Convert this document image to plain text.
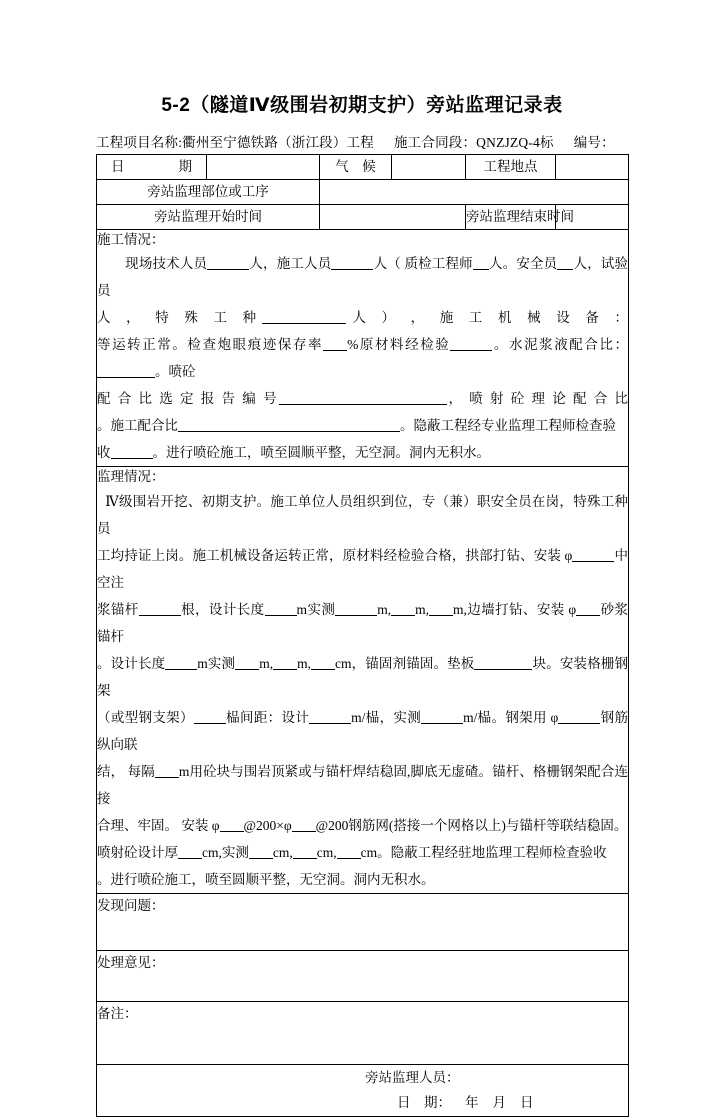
5-2（隧道Ⅳ级围岩初期支护）旁站监理记录表
工程项目名称:衢州至宁德铁路（浙江段）工程 施工合同段：QNZJZQ-4标 编号：
日　　期		气　候		工程地点	
旁站监理部位或工序					
旁站监理开始时间				旁站监理结束时间	

施工情况：
现场技术人员	人，施工人员	人（ 质检工程师 人。安全员 人，试验员
人 ， 特 殊 工 种	人 ） ， 施 工 机 械 设 备 ：
等运转正常。检查炮眼痕迹保存率 %原材料经检验	。水泥浆液配合比：。喷砼
配 合 比 选 定 报 告 编 号	， 喷 射 砼 理 论 配 合 比
。施工配合比	。隐蔽工程经专业监理工程师检查验
收	。进行喷砼施工，喷至圆顺平整，无空洞。洞内无积水。

监理情况：
Ⅳ级围岩开挖、初期支护。施工单位人员组织到位，专（兼）职安全员在岗，特殊工种员
工均持证上岗。施工机械设备运转正常，原材料经检验合格，拱部打钻、安装 φ	中空注
浆锚杆	根，设计长度 m实测	m, m, m,边墙打钻、安装 φ 砂浆锚杆
。设计长度 m实测 m, m, cm，锚固剂锚固。垫板	块。安装格栅钢架
（或型钢支架） 榀间距：设计	m/榀，实测	m/榀。钢架用 φ	钢筋纵向联
结， 每隔 m用砼块与围岩顶紧或与锚杆焊结稳固,脚底无虚碴。锚杆、格栅钢架配合连接
合理、牢固。 安装 φ @200×φ @200钢筋网(搭接一个网格以上)与锚杆等联结稳固。
喷射砼设计厚 cm,实测 cm, cm, cm。隐蔽工程经驻地监理工程师检查验收
。进行喷砼施工，喷至圆顺平整，无空洞。洞内无积水。

发现问题：					
处理意见：					
备注：					

旁站监理人员：
日　期： 年 月 日					
